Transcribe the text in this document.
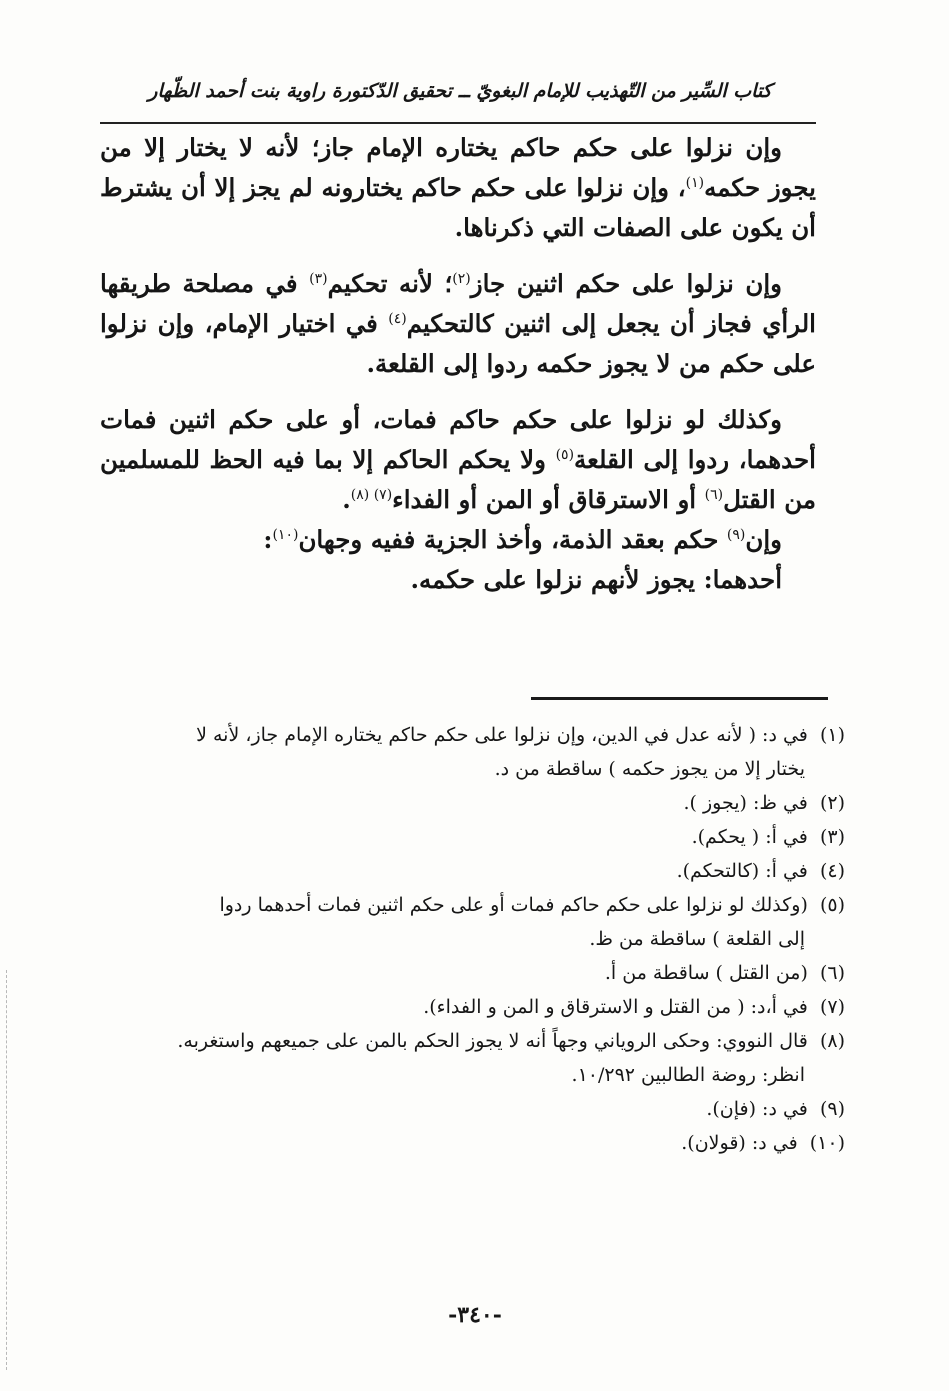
كتاب السِّير من التّهذيب للإمام البغويّ ــ تحقيق الدّكتورة راوية بنت أحمد الظّهار

وإن نزلوا على حكم حاكم يختاره الإمام جاز؛ لأنه لا يختار إلا من يجوز حكمه$^{(١)}$، وإن نزلوا على حكم حاكم يختارونه لم يجز إلا أن يشترط أن يكون على الصفات التي ذكرناها.

وإن نزلوا على حكم اثنين جاز$^{(٢)}$؛ لأنه تحكيم$^{(٣)}$ في مصلحة طريقها الرأي فجاز أن يجعل إلى اثنين كالتحكيم$^{(٤)}$ في اختيار الإمام، وإن نزلوا على حكم من لا يجوز حكمه ردوا إلى القلعة.

وكذلك لو نزلوا على حكم حاكم فمات، أو على حكم اثنين فمات أحدهما، ردوا إلى القلعة$^{(٥)}$ ولا يحكم الحاكم إلا بما فيه الحظ للمسلمين من القتل$^{(٦)}$ أو الاسترقاق أو المن أو الفداء$^{(٧)}$ $^{(٨)}$.

وإن$^{(٩)}$ حكم بعقد الذمة، وأخذ الجزية ففيه وجهان$^{(١٠)}$:

أحدهما: يجوز لأنهم نزلوا على حكمه.

(١) في د: ( لأنه عدل في الدين، وإن نزلوا على حكم حاكم يختاره الإمام جاز، لأنه لا
يختار إلا من يجوز حكمه ) ساقطة من د.
(٢) في ظ: (يجوز ).
(٣) في أ: ( يحكم).
(٤) في أ: (كالتحكم).
(٥) (وكذلك لو نزلوا على حكم حاكم فمات أو على حكم اثنين فمات أحدهما ردوا
إلى القلعة ) ساقطة من ظ.
(٦) (من القتل ) ساقطة من أ.
(٧) في أ،د: ( من القتل و الاسترقاق و المن و الفداء).
(٨) قال النووي: وحكى الروياني وجهاً أنه لا يجوز الحكم بالمن على جميعهم واستغربه.
انظر: روضة الطالبين ١٠/٢٩٢.
(٩) في د: (فإن).
(١٠) في د: (قولان).
-٣٤٠-
